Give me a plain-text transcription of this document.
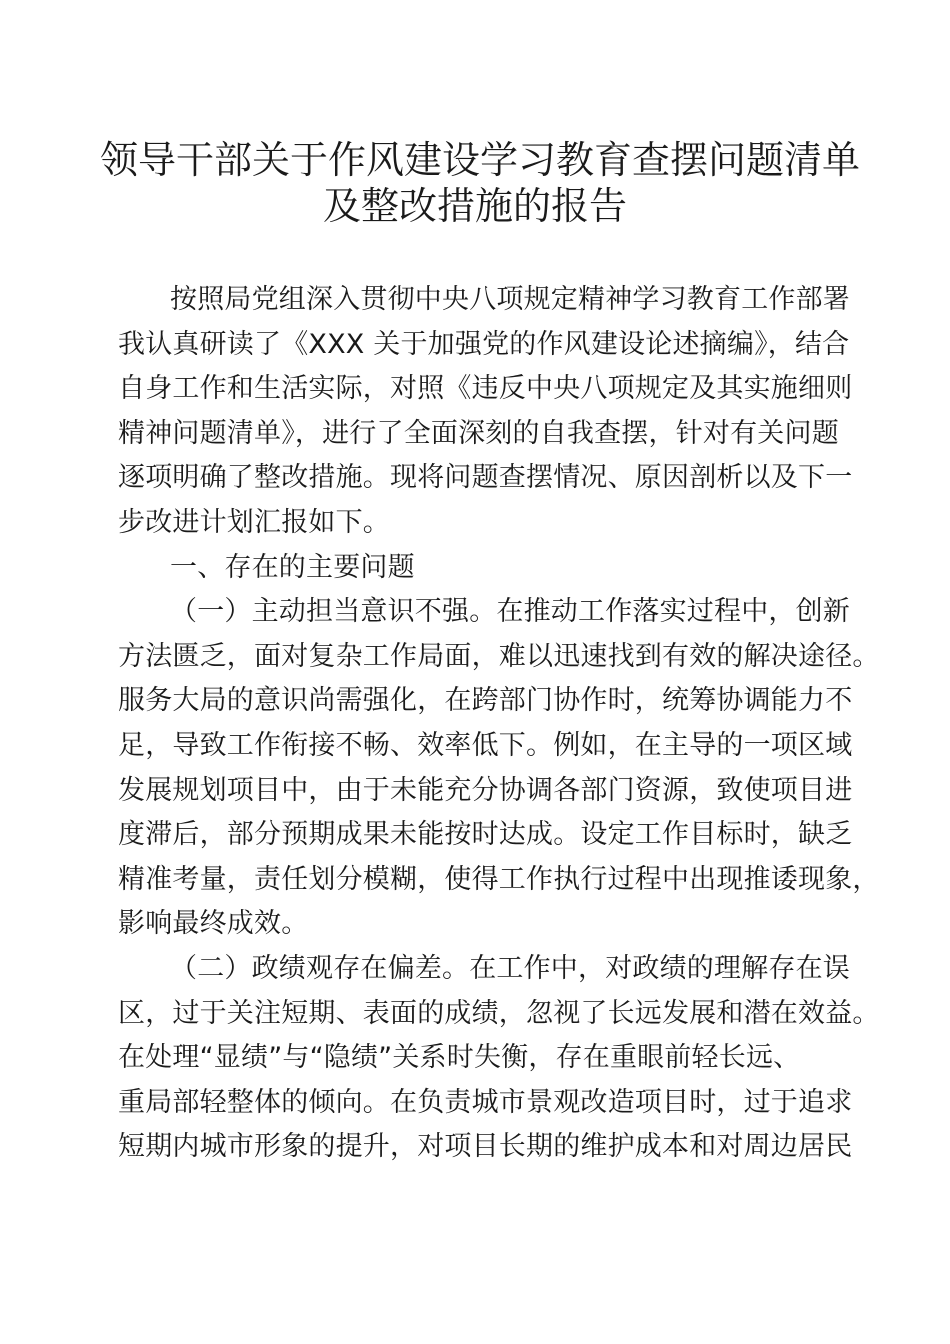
领导干部关于作风建设学习教育查摆问题清单
及整改措施的报告
按照局党组深入贯彻中央八项规定精神学习教育工作部署
我认真研读了《XXX 关于加强党的作风建设论述摘编》，结合
自身工作和生活实际，对照《违反中央八项规定及其实施细则
精神问题清单》，进行了全面深刻的自我查摆，针对有关问题
逐项明确了整改措施。现将问题查摆情况、原因剖析以及下一
步改进计划汇报如下。
一、存在的主要问题
（一）主动担当意识不强。在推动工作落实过程中，创新
方法匮乏，面对复杂工作局面，难以迅速找到有效的解决途径。
服务大局的意识尚需强化，在跨部门协作时，统筹协调能力不
足，导致工作衔接不畅、效率低下。例如，在主导的一项区域
发展规划项目中，由于未能充分协调各部门资源，致使项目进
度滞后，部分预期成果未能按时达成。设定工作目标时，缺乏
精准考量，责任划分模糊，使得工作执行过程中出现推诿现象，
影响最终成效。
（二）政绩观存在偏差。在工作中，对政绩的理解存在误
区，过于关注短期、表面的成绩，忽视了长远发展和潜在效益。
在处理“显绩”与“隐绩”关系时失衡，存在重眼前轻长远、
重局部轻整体的倾向。在负责城市景观改造项目时，过于追求
短期内城市形象的提升，对项目长期的维护成本和对周边居民
